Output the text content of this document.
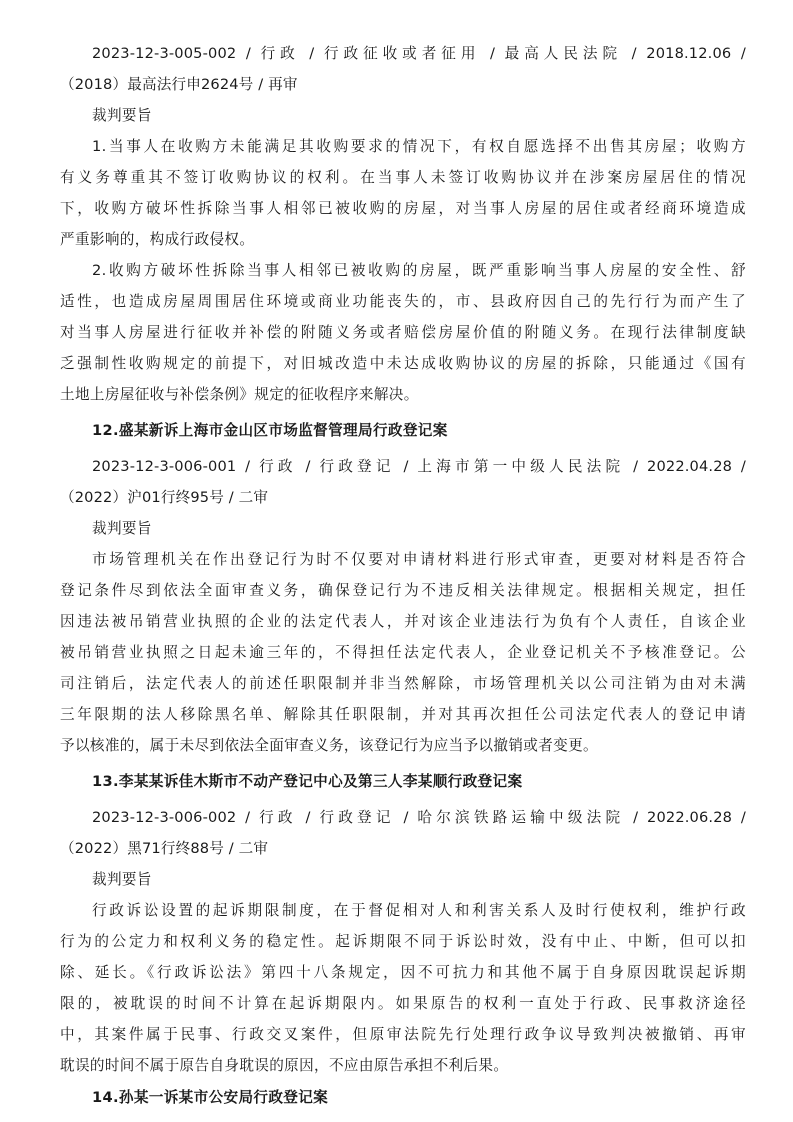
2023-12-3-005-002 / 行政 / 行政征收或者征用 / 最高人民法院 / 2018.12.06 /
（2018）最高法行申2624号 / 再审
裁判要旨
1.当事人在收购方未能满足其收购要求的情况下，有权自愿选择不出售其房屋；收购方
有义务尊重其不签订收购协议的权利。在当事人未签订收购协议并在涉案房屋居住的情况
下，收购方破坏性拆除当事人相邻已被收购的房屋，对当事人房屋的居住或者经商环境造成
严重影响的，构成行政侵权。
2.收购方破坏性拆除当事人相邻已被收购的房屋，既严重影响当事人房屋的安全性、舒
适性，也造成房屋周围居住环境或商业功能丧失的，市、县政府因自己的先行行为而产生了
对当事人房屋进行征收并补偿的附随义务或者赔偿房屋价值的附随义务。在现行法律制度缺
乏强制性收购规定的前提下，对旧城改造中未达成收购协议的房屋的拆除，只能通过《国有
土地上房屋征收与补偿条例》规定的征收程序来解决。
12.盛某新诉上海市金山区市场监督管理局行政登记案
2023-12-3-006-001 / 行政 / 行政登记 / 上海市第一中级人民法院 / 2022.04.28 /
（2022）沪01行终95号 / 二审
裁判要旨
市场管理机关在作出登记行为时不仅要对申请材料进行形式审查，更要对材料是否符合
登记条件尽到依法全面审查义务，确保登记行为不违反相关法律规定。根据相关规定，担任
因违法被吊销营业执照的企业的法定代表人，并对该企业违法行为负有个人责任，自该企业
被吊销营业执照之日起未逾三年的，不得担任法定代表人，企业登记机关不予核准登记。公
司注销后，法定代表人的前述任职限制并非当然解除，市场管理机关以公司注销为由对未满
三年限期的法人移除黑名单、解除其任职限制，并对其再次担任公司法定代表人的登记申请
予以核准的，属于未尽到依法全面审查义务，该登记行为应当予以撤销或者变更。
13.李某某诉佳木斯市不动产登记中心及第三人李某顺行政登记案
2023-12-3-006-002 / 行政 / 行政登记 / 哈尔滨铁路运输中级法院 / 2022.06.28 /
（2022）黑71行终88号 / 二审
裁判要旨
行政诉讼设置的起诉期限制度，在于督促相对人和利害关系人及时行使权利，维护行政
行为的公定力和权利义务的稳定性。起诉期限不同于诉讼时效，没有中止、中断，但可以扣
除、延长。《行政诉讼法》第四十八条规定，因不可抗力和其他不属于自身原因耽误起诉期
限的，被耽误的时间不计算在起诉期限内。如果原告的权利一直处于行政、民事救济途径
中，其案件属于民事、行政交叉案件，但原审法院先行处理行政争议导致判决被撤销、再审
耽误的时间不属于原告自身耽误的原因，不应由原告承担不利后果。
14.孙某一诉某市公安局行政登记案
